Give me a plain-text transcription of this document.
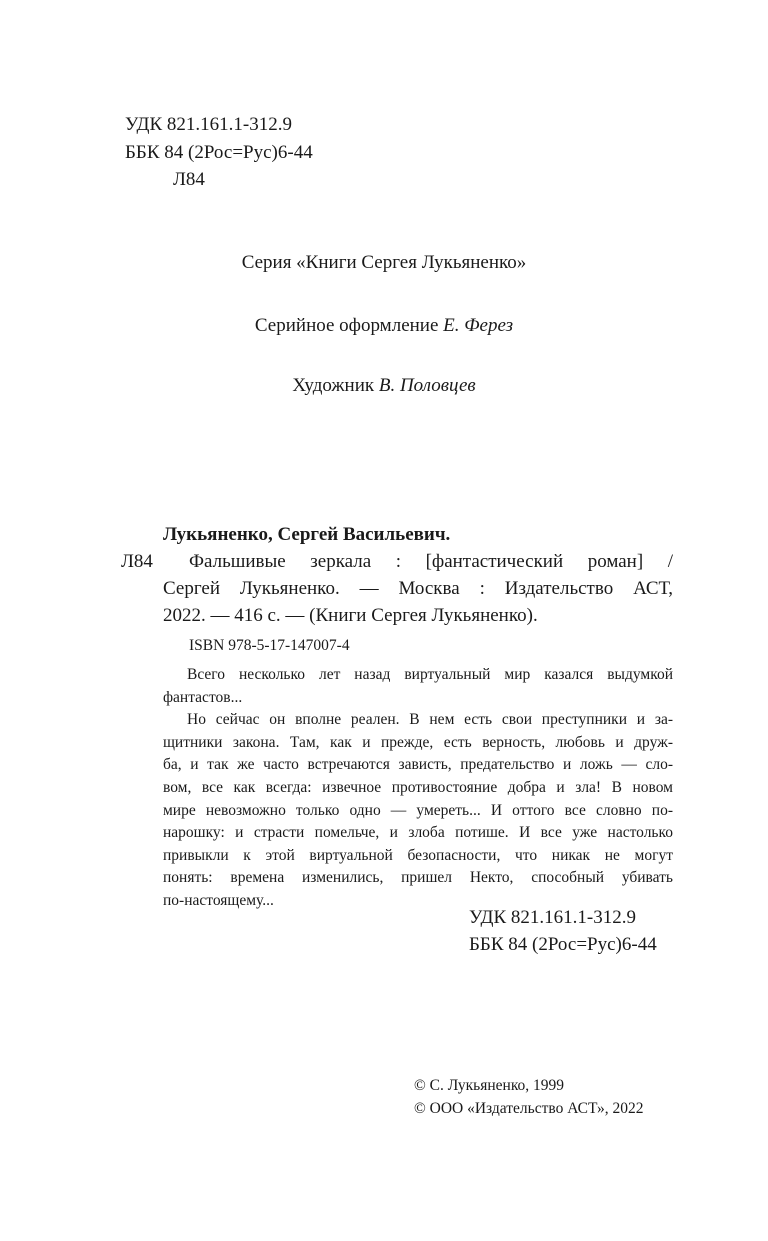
УДК 821.161.1-312.9
ББК 84 (2Рос=Рус)6-44
Л84
Серия «Книги Сергея Лукьяненко»
Серийное оформление Е. Ферез
Художник В. Половцев
Лукьяненко, Сергей Васильевич.
Л84 Фальшивые зеркала : [фантастический роман] /
Сергей Лукьяненко. — Москва : Издательство АСТ,
2022. — 416 с. — (Книги Сергея Лукьяненко).
ISBN 978-5-17-147007-4
Всего несколько лет назад виртуальный мир казался выдумкой
фантастов...
Но сейчас он вполне реален. В нем есть свои преступники и за-
щитники закона. Там, как и прежде, есть верность, любовь и друж-
ба, и так же часто встречаются зависть, предательство и ложь — сло-
вом, все как всегда: извечное противостояние добра и зла! В новом
мире невозможно только одно — умереть... И оттого все словно по-
нарошку: и страсти помельче, и злоба потише. И все уже настолько
привыкли к этой виртуальной безопасности, что никак не могут
понять: времена изменились, пришел Некто, способный убивать
по-настоящему...
УДК 821.161.1-312.9
ББК 84 (2Рос=Рус)6-44
© С. Лукьяненко, 1999
© ООО «Издательство АСТ», 2022
